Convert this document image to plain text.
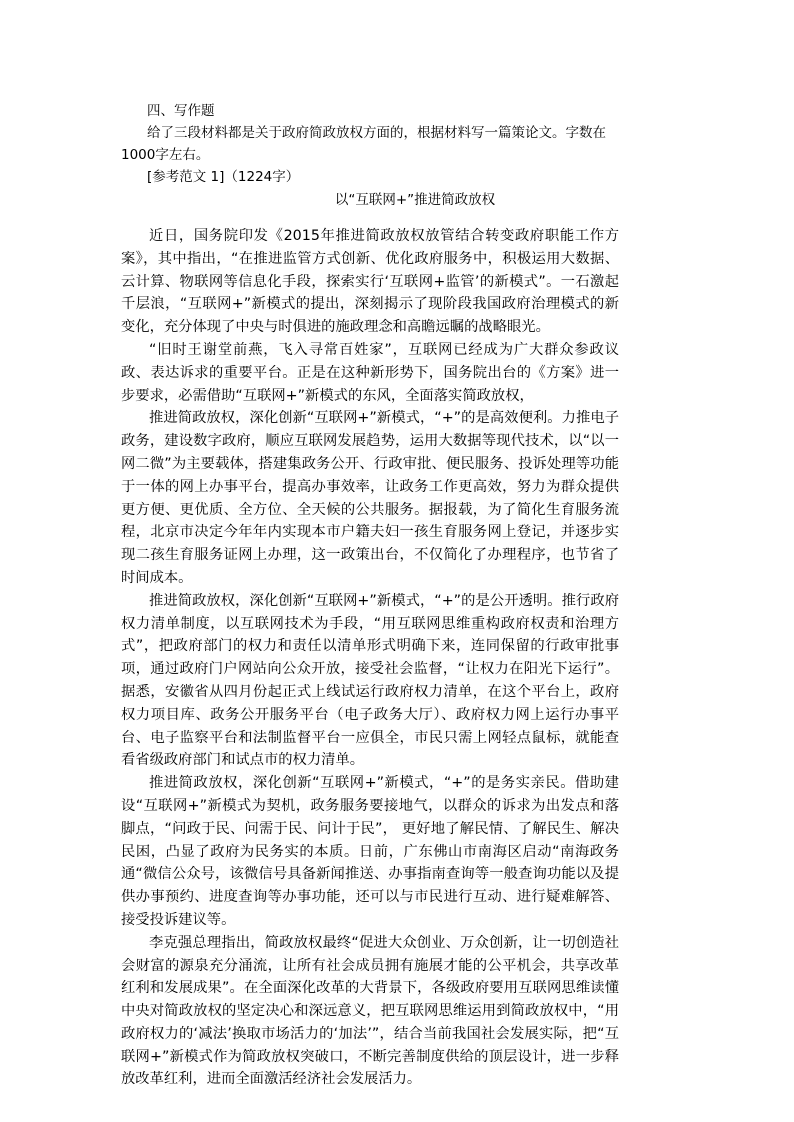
四、写作题

给了三段材料都是关于政府简政放权方面的，根据材料写一篇策论文。字数在 1000字左右。

[参考范文 1]（1224字）

以“互联网+”推进简政放权

近日，国务院印发《2015年推进简政放权放管结合转变政府职能工作方案》，其中指出，“在推进监管方式创新、优化政府服务中，积极运用大数据、云计算、物联网等信息化手段，探索实行‘互联网+监管’的新模式”。一石激起千层浪，“互联网+”新模式的提出，深刻揭示了现阶段我国政府治理模式的新变化，充分体现了中央与时俱进的施政理念和高瞻远瞩的战略眼光。

“旧时王谢堂前燕，飞入寻常百姓家”，互联网已经成为广大群众参政议政、表达诉求的重要平台。正是在这种新形势下，国务院出台的《方案》进一步要求，必需借助“互联网+”新模式的东风，全面落实简政放权，

推进简政放权，深化创新“互联网+”新模式，“+”的是高效便利。力推电子政务，建设数字政府，顺应互联网发展趋势，运用大数据等现代技术，以“以一网二微”为主要载体，搭建集政务公开、行政审批、便民服务、投诉处理等功能于一体的网上办事平台，提高办事效率，让政务工作更高效，努力为群众提供更方便、更优质、全方位、全天候的公共服务。据报载，为了简化生育服务流程，北京市决定今年年内实现本市户籍夫妇一孩生育服务网上登记，并逐步实现二孩生育服务证网上办理，这一政策出台，不仅简化了办理程序，也节省了时间成本。

推进简政放权，深化创新“互联网+”新模式，“+”的是公开透明。推行政府权力清单制度，以互联网技术为手段，“用互联网思维重构政府权责和治理方式”，把政府部门的权力和责任以清单形式明确下来，连同保留的行政审批事项，通过政府门户网站向公众开放，接受社会监督，“让权力在阳光下运行”。 据悉，安徽省从四月份起正式上线试运行政府权力清单，在这个平台上，政府权力项目库、政务公开服务平台（电子政务大厅）、政府权力网上运行办事平台、电子监察平台和法制监督平台一应俱全，市民只需上网轻点鼠标，就能查看省级政府部门和试点市的权力清单。

推进简政放权，深化创新“互联网+”新模式，“+”的是务实亲民。借助建设“互联网+”新模式为契机，政务服务要接地气，以群众的诉求为出发点和落脚点，“问政于民、问需于民、问计于民”， 更好地了解民情、了解民生、解决民困，凸显了政府为民务实的本质。日前，广东佛山市南海区启动“南海政务通“微信公众号，该微信号具备新闻推送、办事指南查询等一般查询功能以及提供办事预约、进度查询等办事功能，还可以与市民进行互动、进行疑难解答、接受投诉建议等。

李克强总理指出，简政放权最终“促进大众创业、万众创新，让一切创造社会财富的源泉充分涌流，让所有社会成员拥有施展才能的公平机会，共享改革红利和发展成果”。在全面深化改革的大背景下，各级政府要用互联网思维读懂中央对简政放权的坚定决心和深远意义，把互联网思维运用到简政放权中，“用政府权力的‘减法’换取市场活力的‘加法’”，结合当前我国社会发展实际，把“互联网+”新模式作为简政放权突破口，不断完善制度供给的顶层设计，进一步释放改革红利，进而全面激活经济社会发展活力。
